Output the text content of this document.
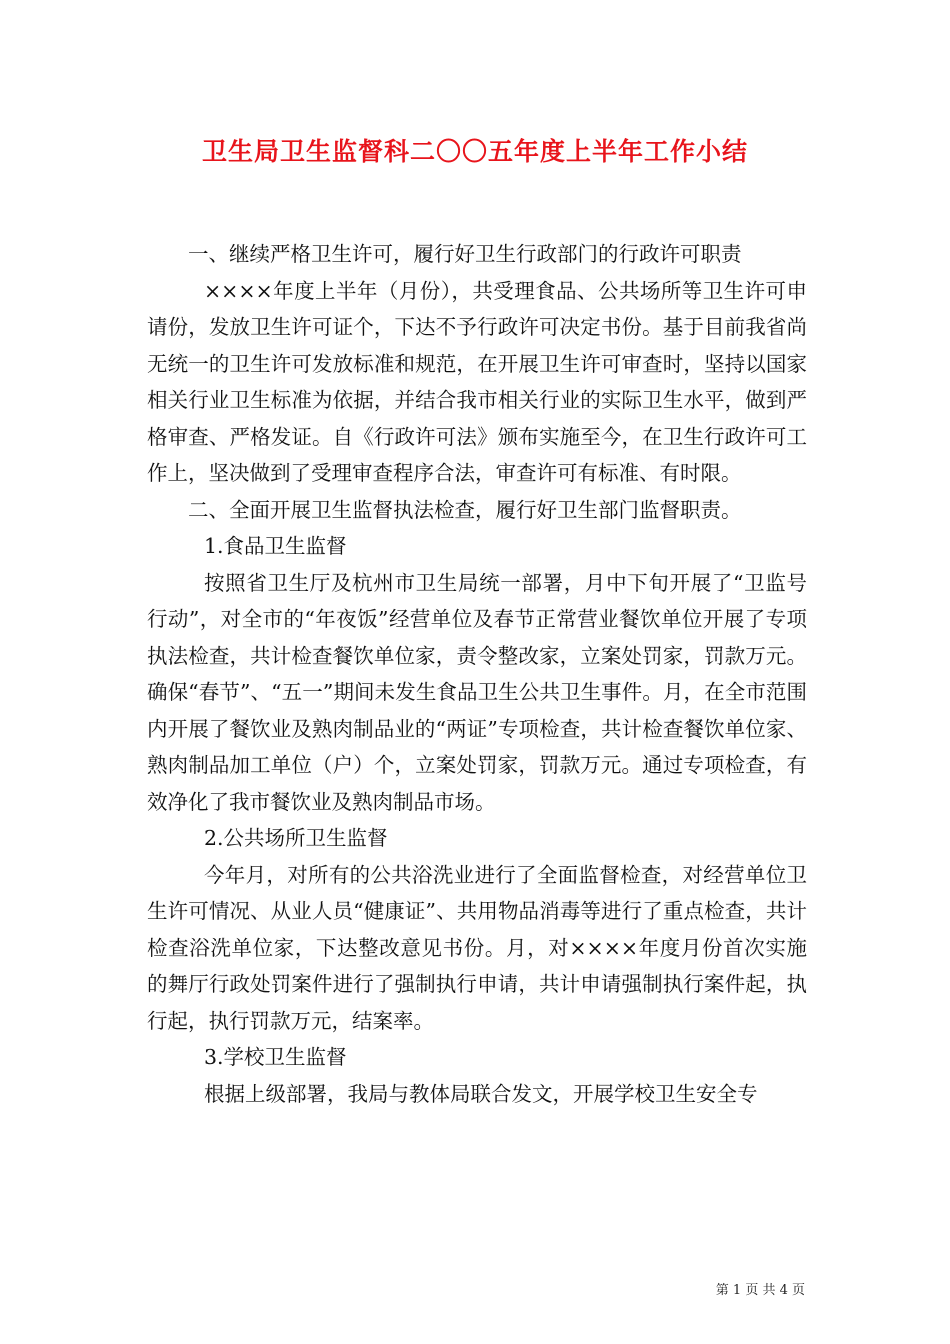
卫生局卫生监督科二〇〇五年度上半年工作小结

一、继续严格卫生许可，履行好卫生行政部门的行政许可职责

××××年度上半年（月份），共受理食品、公共场所等卫生许可申请份，发放卫生许可证个，下达不予行政许可决定书份。基于目前我省尚无统一的卫生许可发放标准和规范，在开展卫生许可审查时，坚持以国家相关行业卫生标准为依据，并结合我市相关行业的实际卫生水平，做到严格审查、严格发证。自《行政许可法》颁布实施至今，在卫生行政许可工作上，坚决做到了受理审查程序合法，审查许可有标准、有时限。

二、全面开展卫生监督执法检查，履行好卫生部门监督职责。

1.食品卫生监督

按照省卫生厅及杭州市卫生局统一部署，月中下旬开展了“卫监号行动”，对全市的“年夜饭”经营单位及春节正常营业餐饮单位开展了专项执法检查，共计检查餐饮单位家，责令整改家，立案处罚家，罚款万元。确保“春节”、“五一”期间未发生食品卫生公共卫生事件。月，在全市范围内开展了餐饮业及熟肉制品业的“两证”专项检查，共计检查餐饮单位家、熟肉制品加工单位（户）个，立案处罚家，罚款万元。通过专项检查，有效净化了我市餐饮业及熟肉制品市场。

2.公共场所卫生监督

今年月，对所有的公共浴洗业进行了全面监督检查，对经营单位卫生许可情况、从业人员“健康证”、共用物品消毒等进行了重点检查，共计检查浴洗单位家，下达整改意见书份。月，对××××年度月份首次实施的舞厅行政处罚案件进行了强制执行申请，共计申请强制执行案件起，执行起，执行罚款万元，结案率。

3.学校卫生监督

根据上级部署，我局与教体局联合发文，开展学校卫生安全专

第 1 页 共 4 页
